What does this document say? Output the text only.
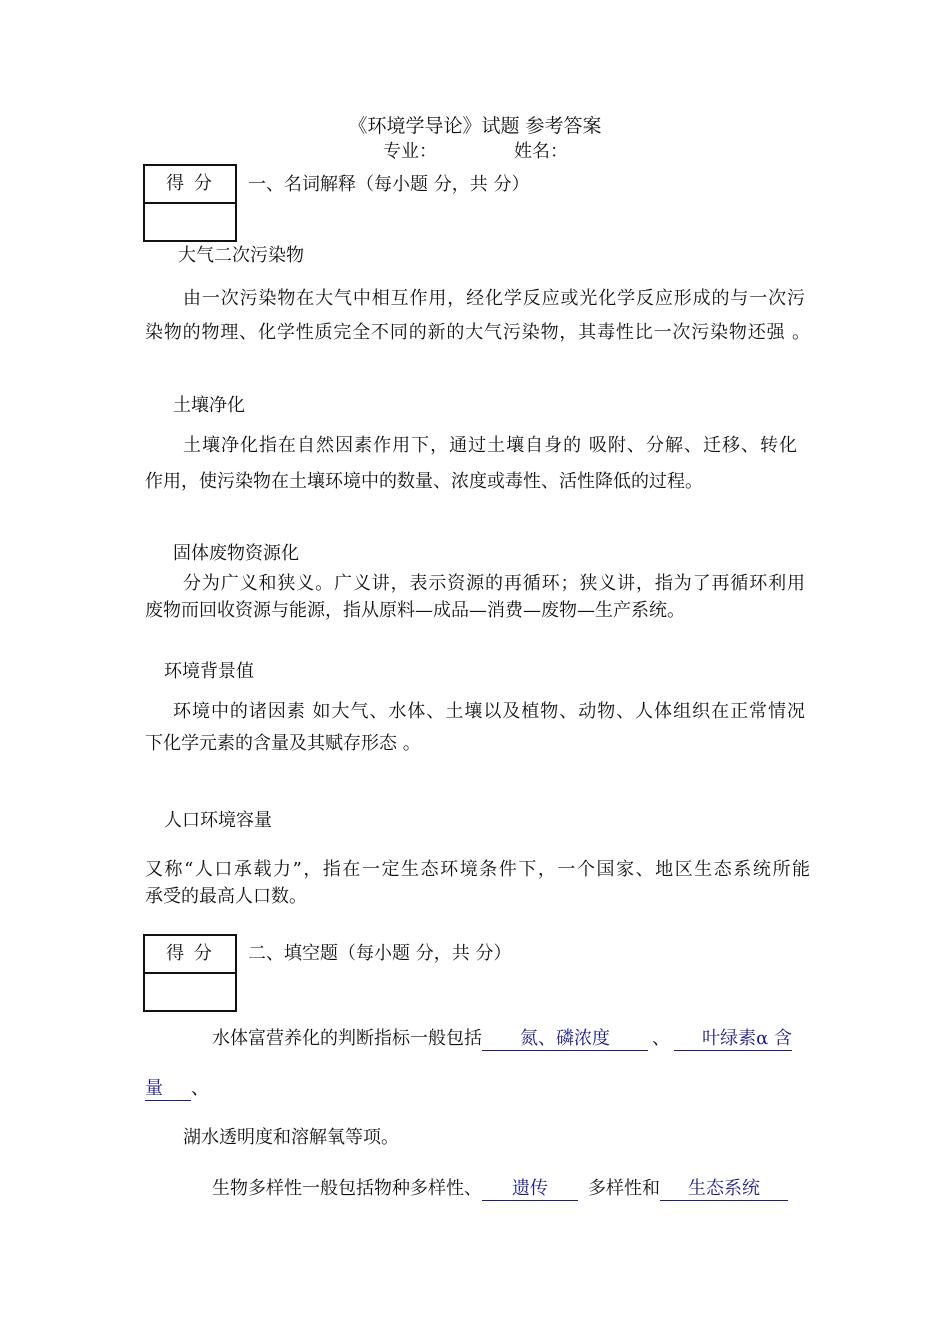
《环境学导论》试题 参考答案
专业：	姓名：
得 分	一、名词解释（每小题 分，共 分）
大气二次污染物
由一次污染物在大气中相互作用，经化学反应或光化学反应形成的与一次污
染物的物理、化学性质完全不同的新的大气污染物，其毒性比一次污染物还强 。
土壤净化
土壤净化指在自然因素作用下，通过土壤自身的 吸附、分解、迁移、转化
作用，使污染物在土壤环境中的数量、浓度或毒性、活性降低的过程。
固体废物资源化
分为广义和狭义。广义讲，表示资源的再循环；狭义讲，指为了再循环利用
废物而回收资源与能源，指从原料—成品—消费—废物—生产系统。
环境背景值
环境中的诸因素 如大气、水体、土壤以及植物、动物、人体组织在正常情况
下化学元素的含量及其赋存形态 。
人口环境容量
又称“人口承载力”，指在一定生态环境条件下，一个国家、地区生态系统所能
承受的最高人口数。
得 分	二、填空题（每小题 分，共 分）
水体富营养化的判断指标一般包括 氮、磷浓度 、 叶绿素α 含
量 、
湖水透明度和溶解氧等项。
生物多样性一般包括物种多样性、 遗传 多样性和 生态系统
